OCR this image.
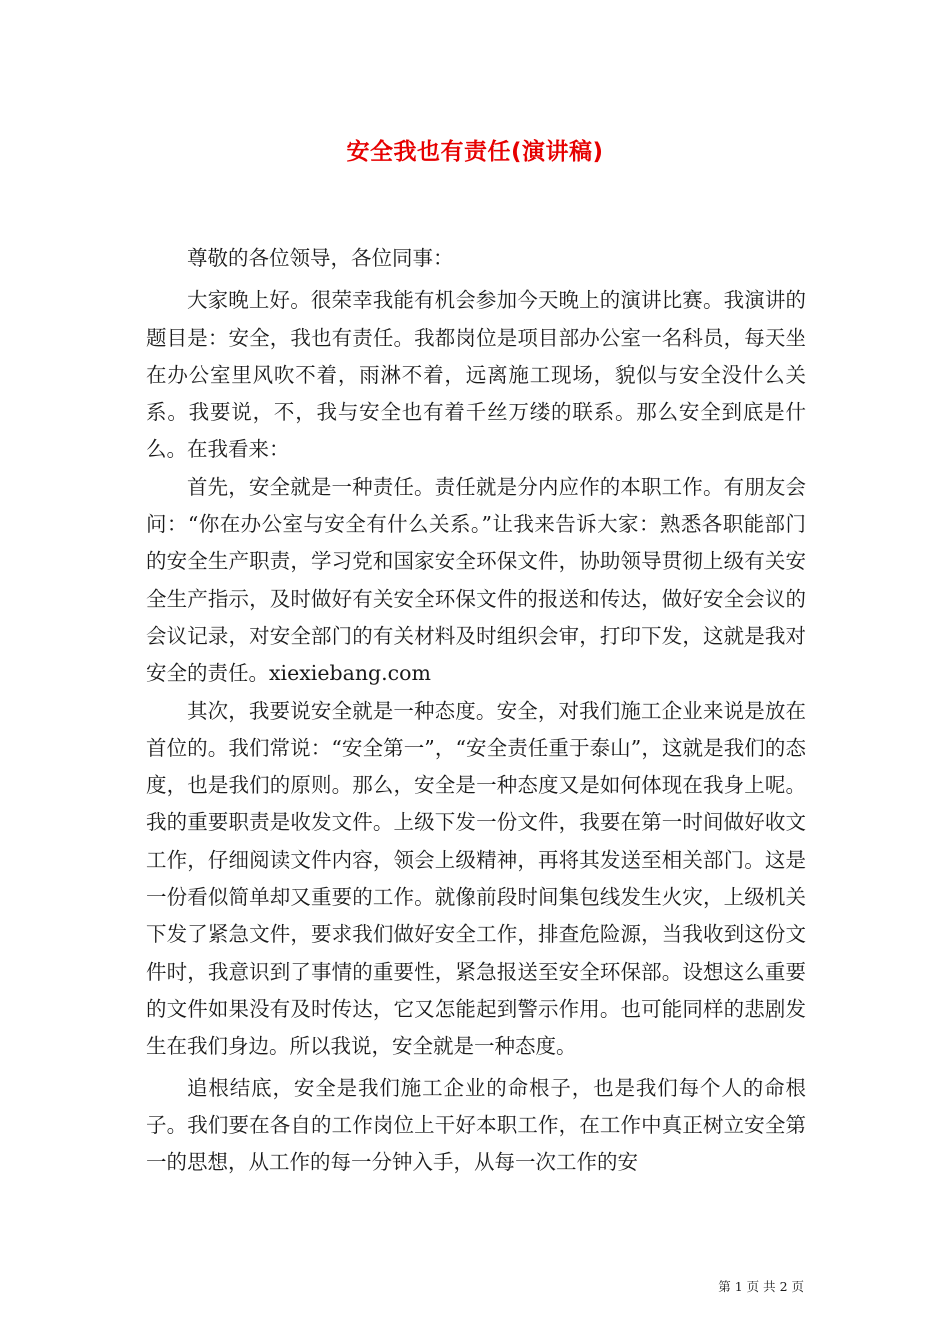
安全我也有责任(演讲稿)

尊敬的各位领导，各位同事：

大家晚上好。很荣幸我能有机会参加今天晚上的演讲比赛。我演讲的题目是：安全，我也有责任。我都岗位是项目部办公室一名科员，每天坐在办公室里风吹不着，雨淋不着，远离施工现场，貌似与安全没什么关系。我要说，不，我与安全也有着千丝万缕的联系。那么安全到底是什么。在我看来：

首先，安全就是一种责任。责任就是分内应作的本职工作。有朋友会问：“你在办公室与安全有什么关系。”让我来告诉大家：熟悉各职能部门的安全生产职责，学习党和国家安全环保文件，协助领导贯彻上级有关安全生产指示，及时做好有关安全环保文件的报送和传达，做好安全会议的会议记录，对安全部门的有关材料及时组织会审，打印下发，这就是我对安全的责任。xiexiebang.com

其次，我要说安全就是一种态度。安全，对我们施工企业来说是放在首位的。我们常说：“安全第一”，“安全责任重于泰山”，这就是我们的态度，也是我们的原则。那么，安全是一种态度又是如何体现在我身上呢。我的重要职责是收发文件。上级下发一份文件，我要在第一时间做好收文工作，仔细阅读文件内容，领会上级精神，再将其发送至相关部门。这是一份看似简单却又重要的工作。就像前段时间集包线发生火灾，上级机关下发了紧急文件，要求我们做好安全工作，排查危险源，当我收到这份文件时，我意识到了事情的重要性，紧急报送至安全环保部。设想这么重要的文件如果没有及时传达，它又怎能起到警示作用。也可能同样的悲剧发生在我们身边。所以我说，安全就是一种态度。

追根结底，安全是我们施工企业的命根子，也是我们每个人的命根子。我们要在各自的工作岗位上干好本职工作，在工作中真正树立安全第一的思想，从工作的每一分钟入手，从每一次工作的安

第 1 页 共 2 页
